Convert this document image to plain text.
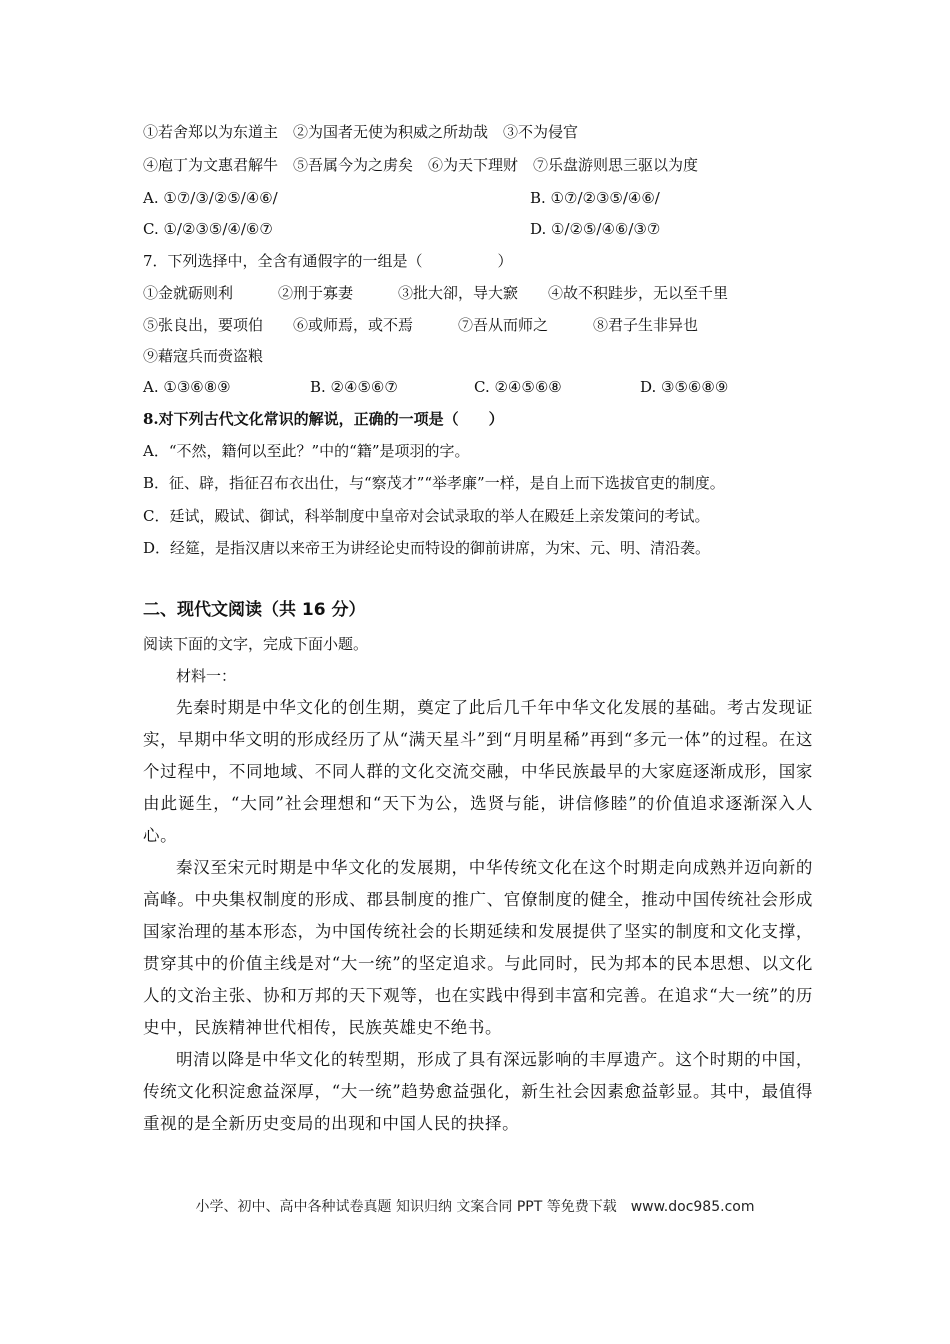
①若舍郑以为东道主　②为国者无使为积威之所劫哉　③不为侵官
④庖丁为文惠君解牛　⑤吾属今为之虏矣　⑥为天下理财　⑦乐盘游则思三驱以为度
A. ①⑦/③/②⑤/④⑥/	B. ①⑦/②③⑤/④⑥/
C. ①/②③⑤/④/⑥⑦	D. ①/②⑤/④⑥/③⑦
7．下列选择中，全含有通假字的一组是（　　　　　）
①金就砺则利　　　②刑于寡妻　　　③批大卻，导大窾　　④故不积跬步，无以至千里
⑤张良出，要项伯　　⑥或师焉，或不焉　　　⑦吾从而师之　　　⑧君子生非异也
⑨藉寇兵而赍盗粮
A. ①③⑥⑧⑨	B. ②④⑤⑥⑦	C. ②④⑤⑥⑧	D. ③⑤⑥⑧⑨
8.对下列古代文化常识的解说，正确的一项是（　　）
A．“不然，籍何以至此？”中的“籍”是项羽的字。
B．征、辟，指征召布衣出仕，与“察茂才”“举孝廉”一样，是自上而下选拔官吏的制度。
C．廷试，殿试、御试，科举制度中皇帝对会试录取的举人在殿廷上亲发策问的考试。
D．经筵，是指汉唐以来帝王为讲经论史而特设的御前讲席，为宋、元、明、清沿袭。
二、现代文阅读（共 16 分）
阅读下面的文字，完成下面小题。
材料一：

先秦时期是中华文化的创生期，奠定了此后几千年中华文化发展的基础。考古发现证实，早期中华文明的形成经历了从“满天星斗”到“月明星稀”再到“多元一体”的过程。在这个过程中，不同地域、不同人群的文化交流交融，中华民族最早的大家庭逐渐成形，国家由此诞生，“大同”社会理想和“天下为公，选贤与能，讲信修睦”的价值追求逐渐深入人心。

秦汉至宋元时期是中华文化的发展期，中华传统文化在这个时期走向成熟并迈向新的高峰。中央集权制度的形成、郡县制度的推广、官僚制度的健全，推动中国传统社会形成国家治理的基本形态，为中国传统社会的长期延续和发展提供了坚实的制度和文化支撑，贯穿其中的价值主线是对“大一统”的坚定追求。与此同时，民为邦本的民本思想、以文化人的文治主张、协和万邦的天下观等，也在实践中得到丰富和完善。在追求“大一统”的历史中，民族精神世代相传，民族英雄史不绝书。

明清以降是中华文化的转型期，形成了具有深远影响的丰厚遗产。这个时期的中国，传统文化积淀愈益深厚，“大一统”趋势愈益强化，新生社会因素愈益彰显。其中，最值得重视的是全新历史变局的出现和中国人民的抉择。

小学、初中、高中各种试卷真题 知识归纳 文案合同 PPT 等免费下载　www.doc985.com
